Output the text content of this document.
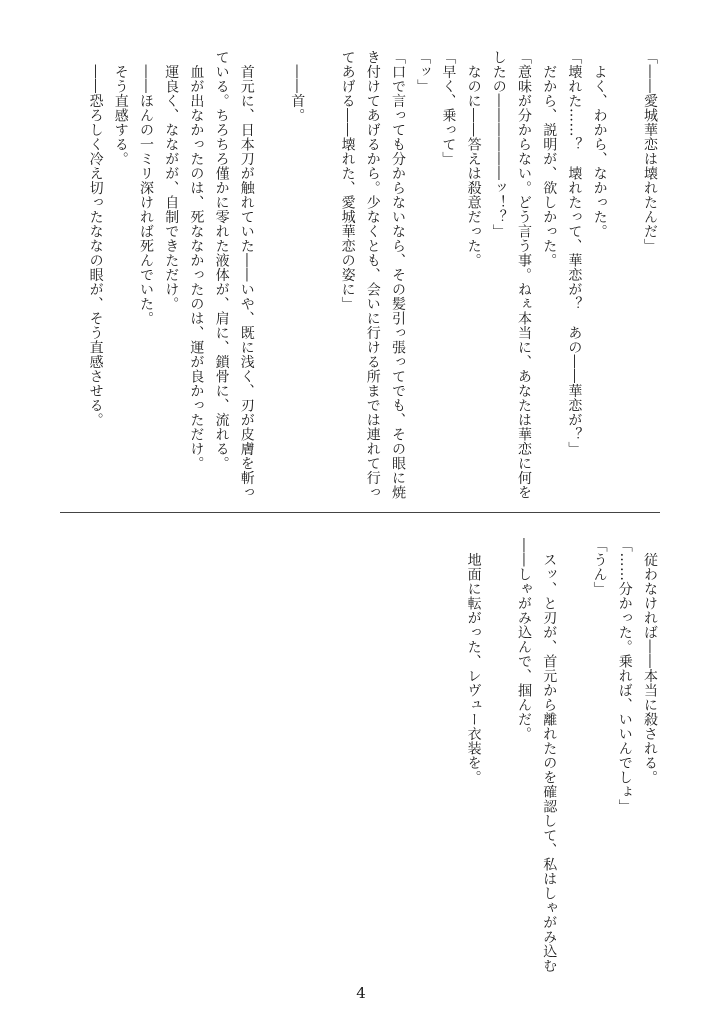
「――愛城華恋は壊れたんだ」
　よく、わから、なかった。
「壊れた……？　壊れたって、華恋が？　あの――華恋が？」
　だから、説明が、欲しかった。
「意味が分からない。どう言う事。ねぇ本当に、あなたは華恋に何を
したの――――――ッ！？」
　なのに――答えは殺意だった。
「早く、乗って」
「ッ」
「口で言っても分からないなら、その髪引っ張ってでも、その眼に焼
き付けてあげるから。少なくとも、会いに行ける所までは連れて行っ
てあげる――壊れた、愛城華恋の姿に」
　――首。
　首元に、日本刀が触れていた――いや、既に浅く、刃が皮膚を斬っ
ている。ちろちろ僅かに零れた液体が、肩に、鎖骨に、流れる。
　血が出なかったのは、死ななかったのは、運が良かっただけ。
　運良く、なながが、自制できただけ。
　――ほんの一ミリ深ければ死んでいた。
　そう直感する。
　――恐ろしく冷え切ったななの眼が、そう直感させる。
　従わなければ――本当に殺される。
「……分かった。乗れば、いいんでしょ」
「うん」
　スッ、と刃が、首元から離れたのを確認して、私はしゃがみ込む
――しゃがみ込んで、掴んだ。
　地面に転がった、レヴュー衣装を。
4
